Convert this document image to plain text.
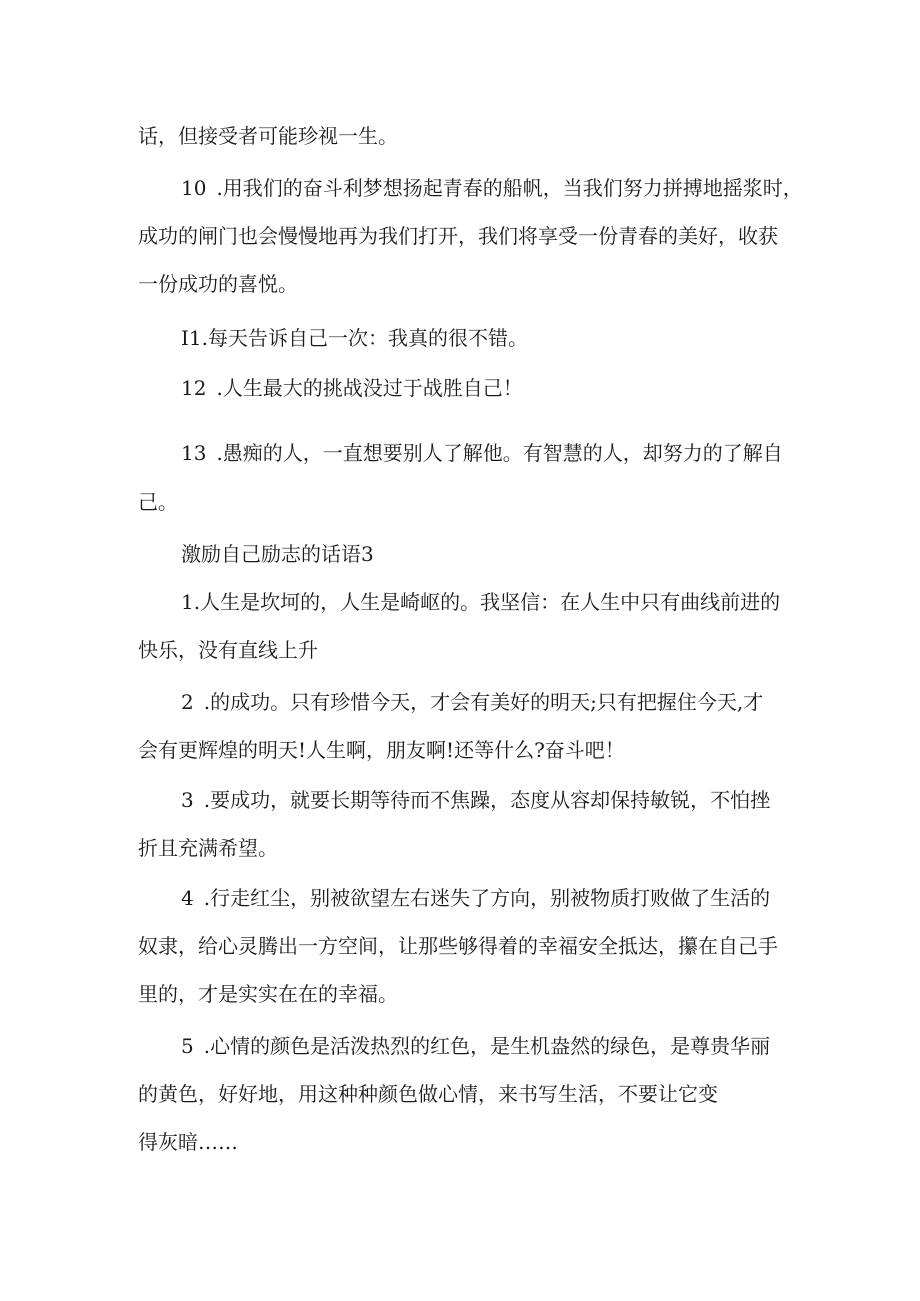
话，但接受者可能珍视一生。
10 .用我们的奋斗利梦想扬起青春的船帆，当我们努力拼搏地摇浆时，
成功的闸门也会慢慢地再为我们打开，我们将享受一份青春的美好，收获
一份成功的喜悦。
I1.每天告诉自己一次：我真的很不错。
12 .人生最大的挑战没过于战胜自己！
13 .愚痴的人，一直想要别人了解他。有智慧的人，却努力的了解自
己。
激励自己励志的话语3
1.人生是坎坷的，人生是崎岖的。我坚信：在人生中只有曲线前进的
快乐，没有直线上升
2 .的成功。只有珍惜今天，才会有美好的明天;只有把握住今天,才
会有更辉煌的明天!人生啊，朋友啊!还等什么?奋斗吧！
3 .要成功，就要长期等待而不焦躁，态度从容却保持敏锐，不怕挫
折且充满希望。
4 .行走红尘，别被欲望左右迷失了方向，别被物质打败做了生活的
奴隶，给心灵腾出一方空间，让那些够得着的幸福安全抵达，攥在自己手
里的，才是实实在在的幸福。
5 .心情的颜色是活泼热烈的红色，是生机盎然的绿色，是尊贵华丽
的黄色，好好地，用这种种颜色做心情，来书写生活，不要让它变
得灰暗……
